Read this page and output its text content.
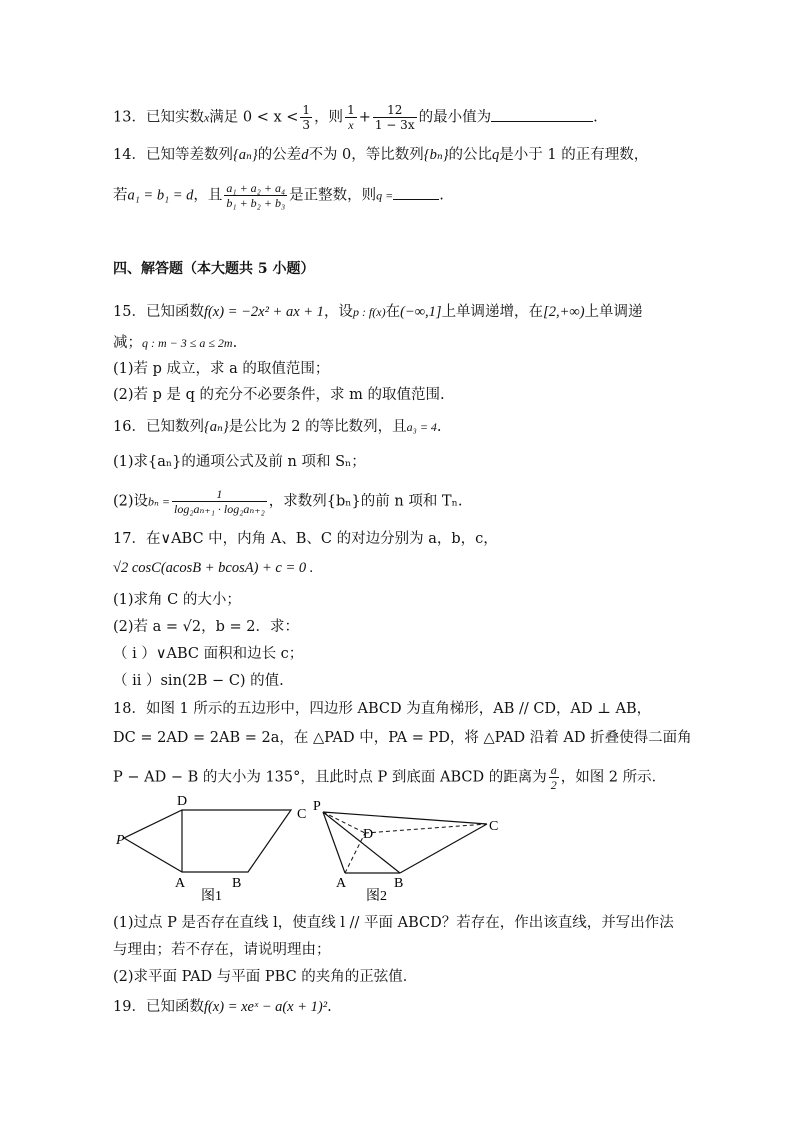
13．已知实数x满足 $0 < x < \frac{1}{3}$ ，则 $\frac{1}{x} + \frac{12}{1 - 3x}$ 的最小值为	.
14．已知等差数列{aₙ}的公差d不为 0，等比数列{bₙ}的公比q是小于 1 的正有理数，
若a₁ = b₁ = d，且 $\frac{\text{a₁ + a₂ + a₄}}{\text{b₁ + b₂ + b₃}}$ 是正整数，则q =	.
四、解答题（本大题共 5 小题）
15．已知函数f(x) = −2x² + ax + 1，设p : f(x)在(−∞,1]上单调递增，在[2,+∞)上单调递
减；q : m − 3 ≤ a ≤ 2m.
(1)若 p 成立，求 a 的取值范围；
(2)若 p 是 q 的充分不必要条件，求 m 的取值范围.
16．已知数列{aₙ}是公比为 2 的等比数列，且a₃ = 4.
(1)求{aₙ}的通项公式及前 n 项和 Sₙ；
(2)设$b_n = \frac{1}{\text{log₂aₙ₊₁ · log₂aₙ₊₂}}$ ，求数列{bₙ}的前 n 项和 Tₙ.
17．在∨ABC 中，内角 A、B、C 的对边分别为 a，b，c，
√2 cosC(acosB + bcosA) + c = 0 .
(1)求角 C 的大小；
(2)若 a = √2，b = 2．求：
（ i ）∨ABC 面积和边长 c；
（ ii ）sin(2B − C) 的值.
18．如图 1 所示的五边形中，四边形 ABCD 为直角梯形，AB // CD，AD ⊥ AB，
DC = 2AD = 2AB = 2a，在 △PAD 中，PA = PD，将 △PAD 沿着 AD 折叠使得二面角
P − AD − B 的大小为 135°，且此时点 P 到底面 ABCD 的距离为 $\frac{a}{2}$ ，如图 2 所示．
P
D
C
A	B
图1
P
D
C
A	B
图2
(1)过点 P 是否存在直线 l，使直线 l // 平面 ABCD？若存在，作出该直线，并写出作法
与理由；若不存在，请说明理由；
(2)求平面 PAD 与平面 PBC 的夹角的正弦值．
19．已知函数f(x) = xeˣ − a(x + 1)².
